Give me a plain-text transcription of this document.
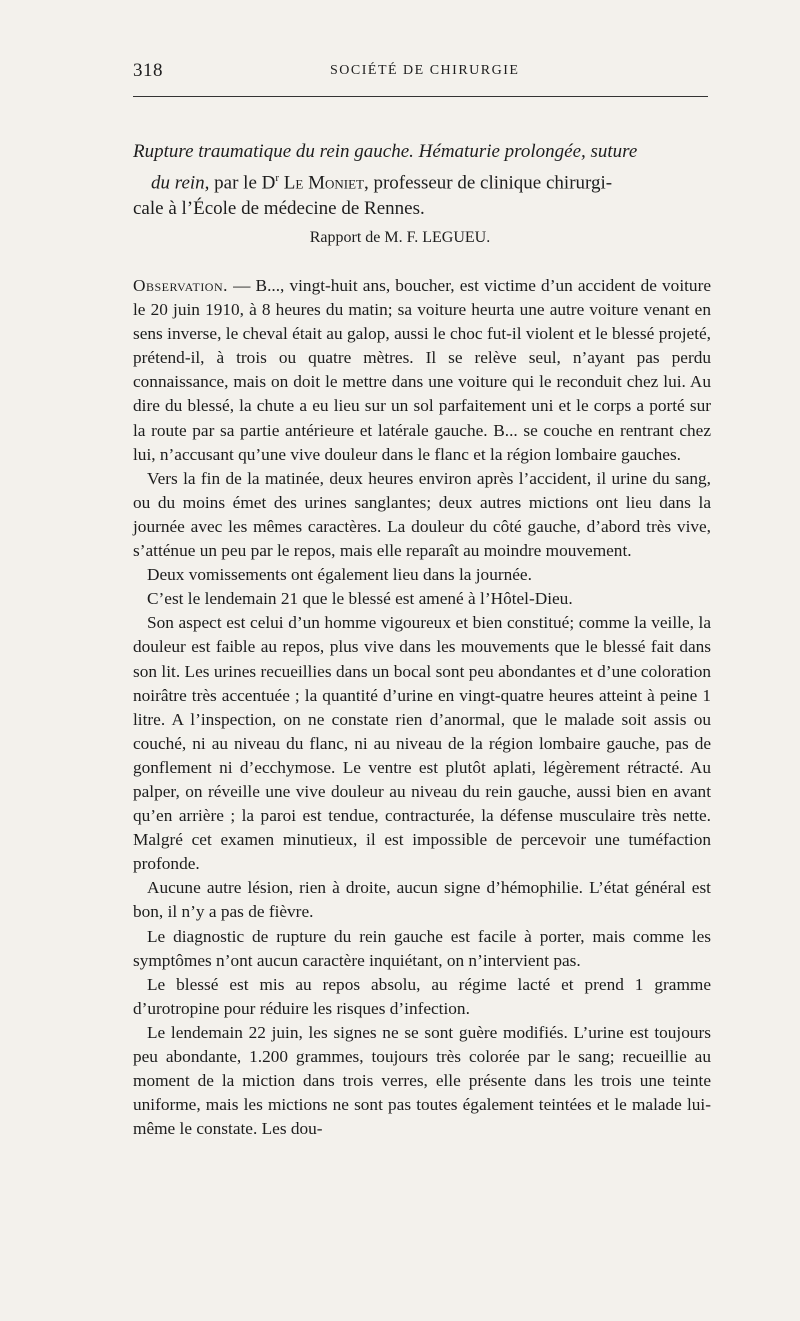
318	SOCIÉTÉ DE CHIRURGIE
Rupture traumatique du rein gauche. Hématurie prolongée, suture
du rein, par le $D^r$ Le Moniet, professeur de clinique chirurgi-
cale à l’École de médecine de Rennes.
Rapport de M. F. LEGUEU.

Observation. — B..., vingt-huit ans, boucher, est victime d’un accident de voiture le 20 juin 1910, à 8 heures du matin; sa voiture heurta une autre voiture venant en sens inverse, le cheval était au galop, aussi le choc fut-il violent et le blessé projeté, prétend-il, à trois ou quatre mètres. Il se relève seul, n’ayant pas perdu connaissance, mais on doit le mettre dans une voiture qui le reconduit chez lui. Au dire du blessé, la chute a eu lieu sur un sol parfaitement uni et le corps a porté sur la route par sa partie antérieure et latérale gauche. B... se couche en rentrant chez lui, n’accusant qu’une vive douleur dans le flanc et la région lombaire gauches.

Vers la fin de la matinée, deux heures environ après l’accident, il urine du sang, ou du moins émet des urines sanglantes; deux autres mictions ont lieu dans la journée avec les mêmes caractères. La douleur du côté gauche, d’abord très vive, s’atténue un peu par le repos, mais elle reparaît au moindre mouvement.

Deux vomissements ont également lieu dans la journée.

C’est le lendemain 21 que le blessé est amené à l’Hôtel-Dieu.

Son aspect est celui d’un homme vigoureux et bien constitué; comme la veille, la douleur est faible au repos, plus vive dans les mouvements que le blessé fait dans son lit. Les urines recueillies dans un bocal sont peu abondantes et d’une coloration noirâtre très accentuée ; la quantité d’urine en vingt-quatre heures atteint à peine 1 litre. A l’inspection, on ne constate rien d’anormal, que le malade soit assis ou couché, ni au niveau du flanc, ni au niveau de la région lombaire gauche, pas de gonflement ni d’ecchymose. Le ventre est plutôt aplati, légèrement rétracté. Au palper, on réveille une vive douleur au niveau du rein gauche, aussi bien en avant qu’en arrière ; la paroi est tendue, contracturée, la défense musculaire très nette. Malgré cet examen minutieux, il est impossible de percevoir une tuméfaction profonde.

Aucune autre lésion, rien à droite, aucun signe d’hémophilie. L’état général est bon, il n’y a pas de fièvre.

Le diagnostic de rupture du rein gauche est facile à porter, mais comme les symptômes n’ont aucun caractère inquiétant, on n’intervient pas.

Le blessé est mis au repos absolu, au régime lacté et prend 1 gramme d’urotropine pour réduire les risques d’infection.

Le lendemain 22 juin, les signes ne se sont guère modifiés. L’urine est toujours peu abondante, 1.200 grammes, toujours très colorée par le sang; recueillie au moment de la miction dans trois verres, elle présente dans les trois une teinte uniforme, mais les mictions ne sont pas toutes également teintées et le malade lui-même le constate. Les dou-
